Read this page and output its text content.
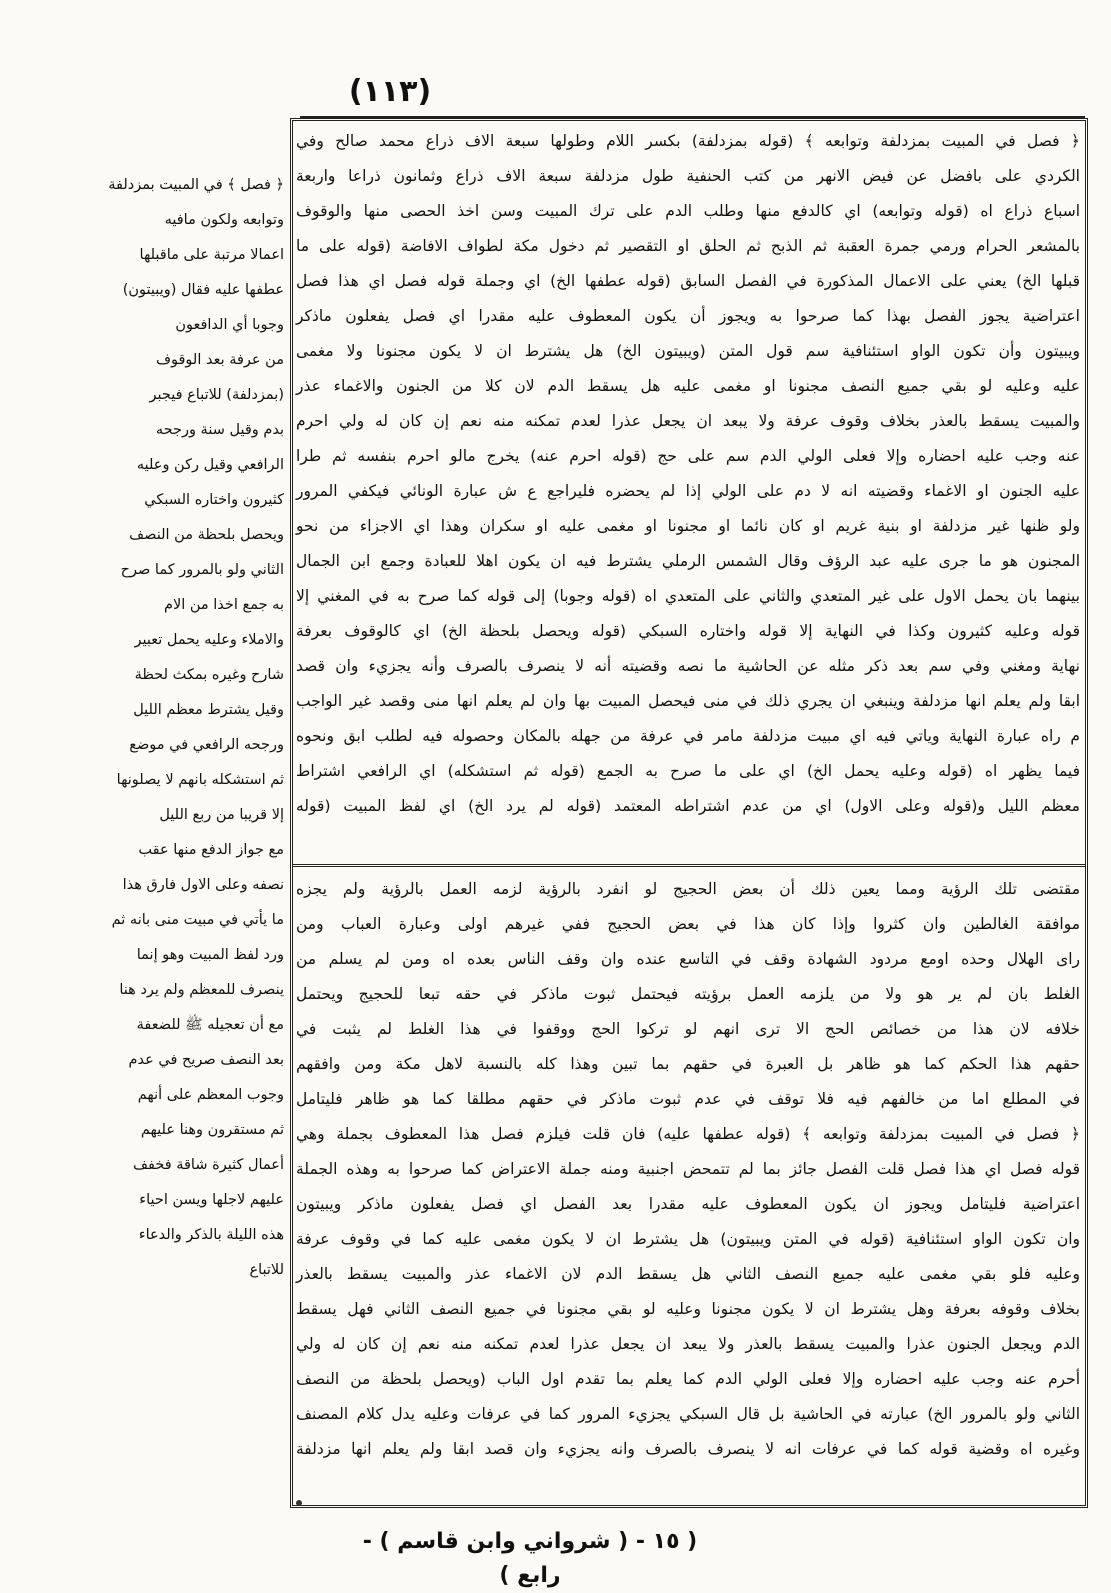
(١١٣)
﴿ فصل في المبيت بمزدلفة وتوابعه ﴾ (قوله بمزدلفة) بكسر اللام وطولها سبعة الاف ذراع محمد صالح وفي
الكردي على بافضل عن فيض الانهر من كتب الحنفية طول مزدلفة سبعة الاف ذراع وثمانون ذراعا واربعة
اسباع ذراع اه (قوله وتوابعه) اي كالدفع منها وطلب الدم على ترك المبيت وسن اخذ الحصى منها والوقوف
بالمشعر الحرام ورمي جمرة العقبة ثم الذبح ثم الحلق او التقصير ثم دخول مكة لطواف الافاضة (قوله على ما
قبلها الخ) يعني على الاعمال المذكورة في الفصل السابق (قوله عطفها الخ) اي وجملة قوله فصل اي هذا فصل
اعتراضية يجوز الفصل بهذا كما صرحوا به ويجوز أن يكون المعطوف عليه مقدرا اي فصل يفعلون ماذكر
ويبيتون وأن تكون الواو استئنافية سم قول المتن (ويبيتون الخ) هل يشترط ان لا يكون مجنونا ولا مغمى
عليه وعليه لو بقي جميع النصف مجنونا او مغمى عليه هل يسقط الدم لان كلا من الجنون والاغماء عذر
والمبيت يسقط بالعذر بخلاف وقوف عرفة ولا يبعد ان يجعل عذرا لعدم تمكنه منه نعم إن كان له ولي احرم
عنه وجب عليه احضاره وإلا فعلى الولي الدم سم على حج (قوله احرم عنه) يخرج مالو احرم بنفسه ثم طرا
عليه الجنون او الاغماء وقضيته انه لا دم على الولي إذا لم يحضره فليراجع ع ش عبارة الونائي فيكفي المرور
ولو ظنها غير مزدلفة او بنية غريم او كان نائما او مجنونا او مغمى عليه او سكران وهذا اي الاجزاء من نحو
المجنون هو ما جرى عليه عبد الرؤف وقال الشمس الرملي يشترط فيه ان يكون اهلا للعبادة وجمع ابن الجمال
بينهما بان يحمل الاول على غير المتعدي والثاني على المتعدي اه (قوله وجوبا) إلى قوله كما صرح به في المغني إلا
قوله وعليه كثيرون وكذا في النهاية إلا قوله واختاره السبكي (قوله ويحصل بلحظة الخ) اي كالوقوف بعرفة
نهاية ومغني وفي سم بعد ذكر مثله عن الحاشية ما نصه وقضيته أنه لا ينصرف بالصرف وأنه يجزيء وان قصد
ابقا ولم يعلم انها مزدلفة وينبغي ان يجري ذلك في منى فيحصل المبيت بها وان لم يعلم انها منى وقصد غير الواجب
م راه عبارة النهاية وياتي فيه اي مبيت مزدلفة مامر في عرفة من جهله بالمكان وحصوله فيه لطلب ابق ونحوه
فيما يظهر اه (قوله وعليه يحمل الخ) اي على ما صرح به الجمع (قوله ثم استشكله) اي الرافعي اشتراط
معظم الليل و(قوله وعلى الاول) اي من عدم اشتراطه المعتمد (قوله لم يرد الخ) اي لفظ المبيت (قوله
مقتضى تلك الرؤية ومما يعين ذلك أن بعض الحجيج لو انفرد بالرؤية لزمه العمل بالرؤية ولم يجزه
موافقة الغالطين وان كثروا وإذا كان هذا في بعض الحجيج ففي غيرهم اولى وعبارة العباب ومن
راى الهلال وحده اومع مردود الشهادة وقف في التاسع عنده وان وقف الناس بعده اه ومن لم يسلم من
الغلط بان لم ير هو ولا من يلزمه العمل برؤيته فيحتمل ثبوت ماذكر في حقه تبعا للحجيج ويحتمل
خلافه لان هذا من خصائص الحج الا ترى انهم لو تركوا الحج ووقفوا في هذا الغلط لم يثبت في
حقهم هذا الحكم كما هو ظاهر بل العبرة في حقهم بما تبين وهذا كله بالنسبة لاهل مكة ومن وافقهم
في المطلع اما من خالفهم فيه فلا توقف في عدم ثبوت ماذكر في حقهم مطلقا كما هو ظاهر فليتامل
﴿ فصل في المبيت بمزدلفة وتوابعه ﴾ (قوله عطفها عليه) فان قلت فيلزم فصل هذا المعطوف بجملة وهي
قوله فصل اي هذا فصل قلت الفصل جائز بما لم تتمحض اجنبية ومنه جملة الاعتراض كما صرحوا به وهذه الجملة
اعتراضية فليتامل ويجوز ان يكون المعطوف عليه مقدرا بعد الفصل اي فصل يفعلون ماذكر ويبيتون
وان تكون الواو استئنافية (قوله في المتن ويبيتون) هل يشترط ان لا يكون مغمى عليه كما في وقوف عرفة
وعليه فلو بقي مغمى عليه جميع النصف الثاني هل يسقط الدم لان الاغماء عذر والمبيت يسقط بالعذر
بخلاف وقوفه بعرفة وهل يشترط ان لا يكون مجنونا وعليه لو بقي مجنونا في جميع النصف الثاني فهل يسقط
الدم ويجعل الجنون عذرا والمبيت يسقط بالعذر ولا يبعد ان يجعل عذرا لعدم تمكنه منه نعم إن كان له ولي
أحرم عنه وجب عليه احضاره وإلا فعلى الولي الدم كما يعلم بما تقدم اول الباب (ويحصل بلحظة من النصف
الثاني ولو بالمرور الخ) عبارته في الحاشية بل قال السبكي يجزيء المرور كما في عرفات وعليه يدل كلام المصنف
وغيره اه وقضية قوله كما في عرفات انه لا ينصرف بالصرف وانه يجزيء وان قصد ابقا ولم يعلم انها مزدلفة
﴿ فصل ﴾ في المبيت بمزدلفة
وتوابعه ولكون مافيه
اعمالا مرتبة على ماقبلها
عطفها عليه فقال (ويبيتون)
وجوبا أي الدافعون
من عرفة بعد الوقوف
(بمزدلفة) للاتباع فيجبر
بدم وقيل سنة ورجحه
الرافعي وقيل ركن وعليه
كثيرون واختاره السبكي
ويحصل بلحظة من النصف
الثاني ولو بالمرور كما صرح
به جمع اخذا من الام
والاملاء وعليه يحمل تعبير
شارح وغيره بمكث لحظة
وقيل يشترط معظم الليل
ورجحه الرافعي في موضع
ثم استشكله بانهم لا يصلونها
إلا قريبا من ربع الليل
مع جواز الدفع منها عقب
نصفه وعلى الاول فارق هذا
ما يأتي في مبيت منى بانه ثم
ورد لفظ المبيت وهو إنما
ينصرف للمعظم ولم يرد هنا
مع أن تعجيله ﷺ للضعفة
بعد النصف صريح في عدم
وجوب المعظم على أنهم
ثم مستقرون وهنا عليهم
أعمال كثيرة شاقة فخفف
عليهم لاجلها ويسن احياء
هذه الليلة بالذكر والدعاء
للاتباع
( ١٥ - ( شرواني وابن قاسم ) - رابع )
